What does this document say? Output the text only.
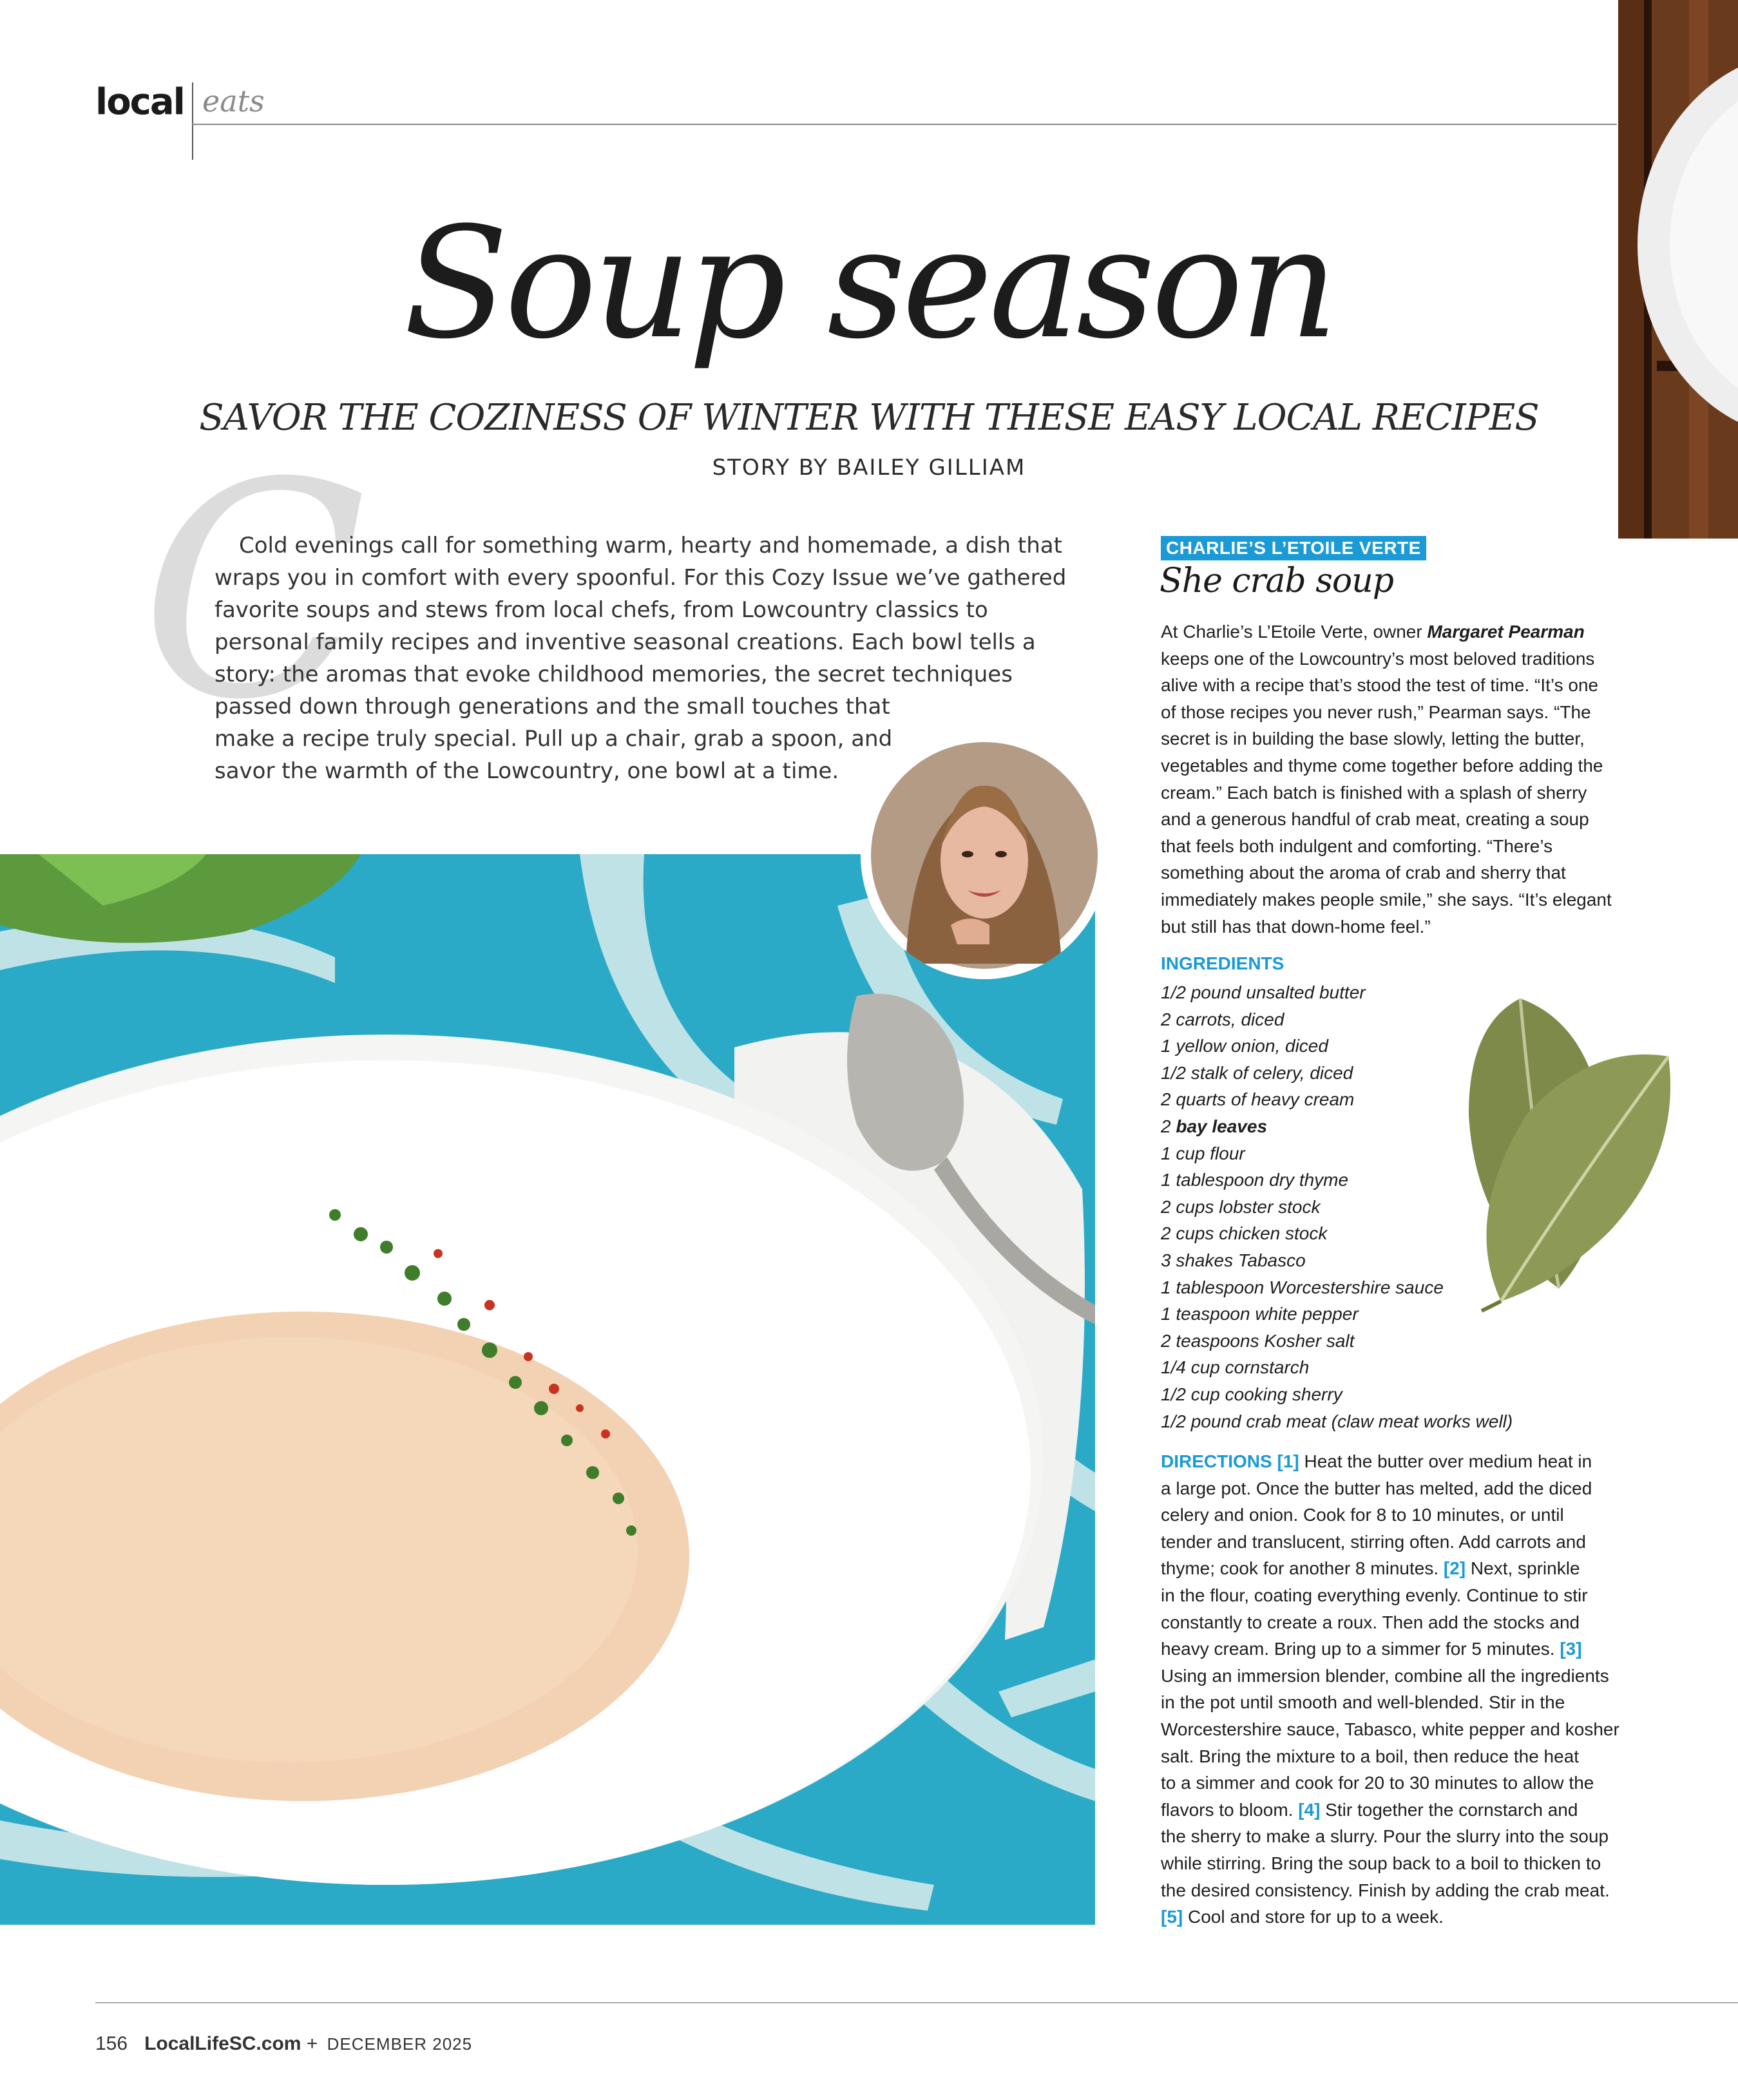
local eats
Soup season
SAVOR THE COZINESS OF WINTER WITH THESE EASY LOCAL RECIPES
STORY BY BAILEY GILLIAM
C
Cold evenings call for something warm, hearty and homemade, a dish that
wraps you in comfort with every spoonful. For this Cozy Issue we’ve gathered
favorite soups and stews from local chefs, from Lowcountry classics to
personal family recipes and inventive seasonal creations. Each bowl tells a
story: the aromas that evoke childhood memories, the secret techniques
passed down through generations and the small touches that
make a recipe truly special. Pull up a chair, grab a spoon, and
savor the warmth of the Lowcountry, one bowl at a time.
CHARLIE’S L’ETOILE VERTE
She crab soup
At Charlie’s L’Etoile Verte, owner Margaret Pearman
keeps one of the Lowcountry’s most beloved traditions
alive with a recipe that’s stood the test of time. “It’s one
of those recipes you never rush,” Pearman says. “The
secret is in building the base slowly, letting the butter,
vegetables and thyme come together before adding the
cream.” Each batch is finished with a splash of sherry
and a generous handful of crab meat, creating a soup
that feels both indulgent and comforting. “There’s
something about the aroma of crab and sherry that
immediately makes people smile,” she says. “It’s elegant
but still has that down-home feel.”
INGREDIENTS
1/2 pound unsalted butter
2 carrots, diced
1 yellow onion, diced
1/2 stalk of celery, diced
2 quarts of heavy cream
2 bay leaves
1 cup flour
1 tablespoon dry thyme
2 cups lobster stock
2 cups chicken stock
3 shakes Tabasco
1 tablespoon Worcestershire sauce
1 teaspoon white pepper
2 teaspoons Kosher salt
1/4 cup cornstarch
1/2 cup cooking sherry
1/2 pound crab meat (claw meat works well)
DIRECTIONS [1] Heat the butter over medium heat in
a large pot. Once the butter has melted, add the diced
celery and onion. Cook for 8 to 10 minutes, or until
tender and translucent, stirring often. Add carrots and
thyme; cook for another 8 minutes. [2] Next, sprinkle
in the flour, coating everything evenly. Continue to stir
constantly to create a roux. Then add the stocks and
heavy cream. Bring up to a simmer for 5 minutes. [3]
Using an immersion blender, combine all the ingredients
in the pot until smooth and well-blended. Stir in the
Worcestershire sauce, Tabasco, white pepper and kosher
salt. Bring the mixture to a boil, then reduce the heat
to a simmer and cook for 20 to 30 minutes to allow the
flavors to bloom. [4] Stir together the cornstarch and
the sherry to make a slurry. Pour the slurry into the soup
while stirring. Bring the soup back to a boil to thicken to
the desired consistency. Finish by adding the crab meat.
[5] Cool and store for up to a week.
156 LocalLifeSC.com + DECEMBER 2025
